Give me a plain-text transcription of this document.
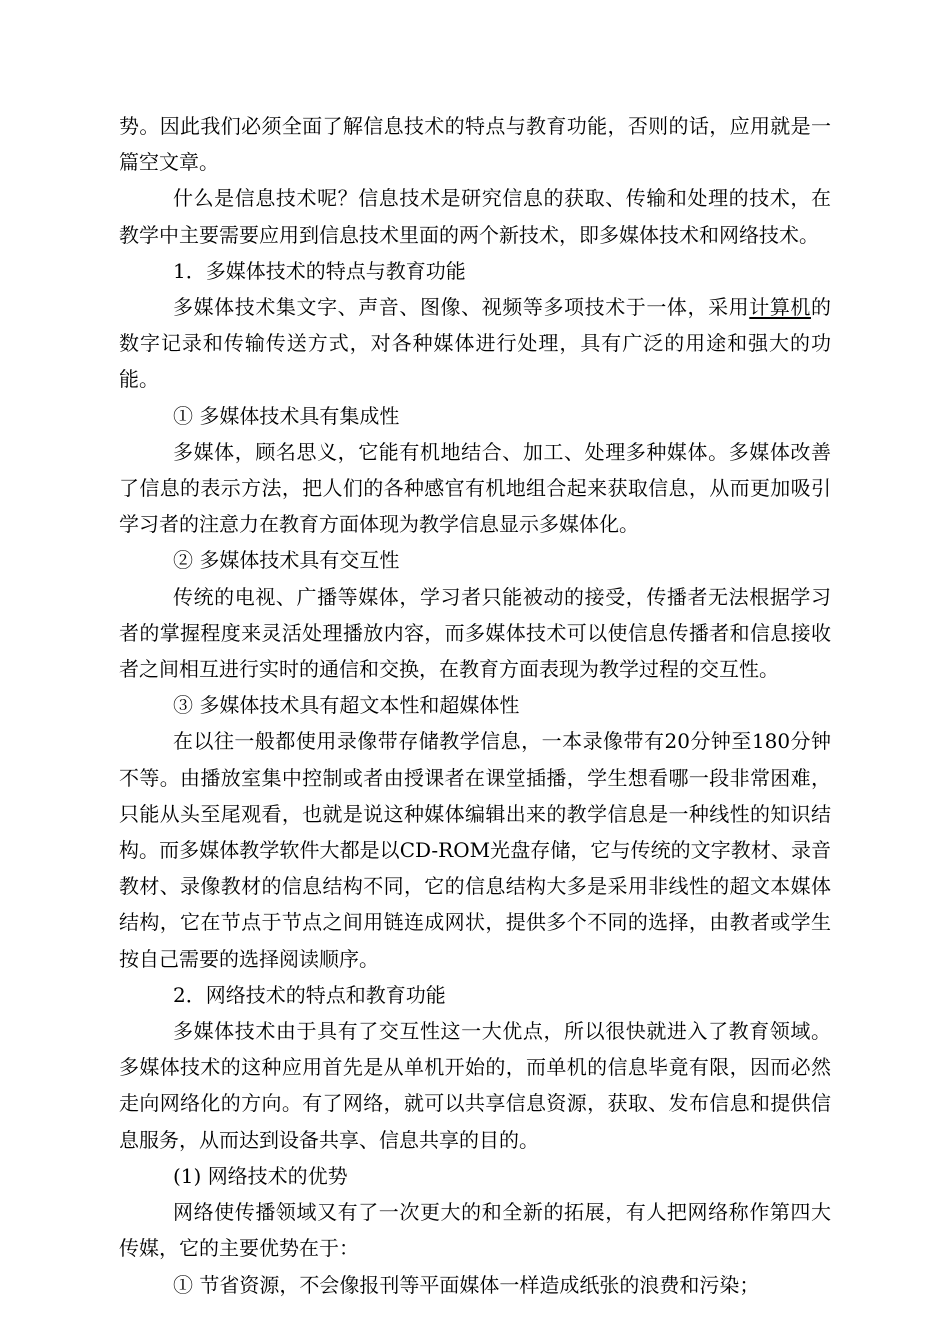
势。因此我们必须全面了解信息技术的特点与教育功能，否则的话，应用就是一篇空文章。

什么是信息技术呢？信息技术是研究信息的获取、传输和处理的技术，在教学中主要需要应用到信息技术里面的两个新技术，即多媒体技术和网络技术。

1．多媒体技术的特点与教育功能

多媒体技术集文字、声音、图像、视频等多项技术于一体，采用计算机的数字记录和传输传送方式，对各种媒体进行处理，具有广泛的用途和强大的功能。

① 多媒体技术具有集成性

多媒体，顾名思义，它能有机地结合、加工、处理多种媒体。多媒体改善了信息的表示方法，把人们的各种感官有机地组合起来获取信息，从而更加吸引学习者的注意力在教育方面体现为教学信息显示多媒体化。

② 多媒体技术具有交互性

传统的电视、广播等媒体，学习者只能被动的接受，传播者无法根据学习者的掌握程度来灵活处理播放内容，而多媒体技术可以使信息传播者和信息接收者之间相互进行实时的通信和交换，在教育方面表现为教学过程的交互性。

③ 多媒体技术具有超文本性和超媒体性

在以往一般都使用录像带存储教学信息，一本录像带有20分钟至180分钟不等。由播放室集中控制或者由授课者在课堂插播，学生想看哪一段非常困难，只能从头至尾观看，也就是说这种媒体编辑出来的教学信息是一种线性的知识结构。而多媒体教学软件大都是以CD-ROM光盘存储，它与传统的文字教材、录音教材、录像教材的信息结构不同，它的信息结构大多是采用非线性的超文本媒体结构，它在节点于节点之间用链连成网状，提供多个不同的选择，由教者或学生按自己需要的选择阅读顺序。

2．网络技术的特点和教育功能

多媒体技术由于具有了交互性这一大优点，所以很快就进入了教育领域。多媒体技术的这种应用首先是从单机开始的，而单机的信息毕竟有限，因而必然走向网络化的方向。有了网络，就可以共享信息资源，获取、发布信息和提供信息服务，从而达到设备共享、信息共享的目的。

(1) 网络技术的优势

网络使传播领域又有了一次更大的和全新的拓展，有人把网络称作第四大传媒，它的主要优势在于：

① 节省资源，不会像报刊等平面媒体一样造成纸张的浪费和污染；
